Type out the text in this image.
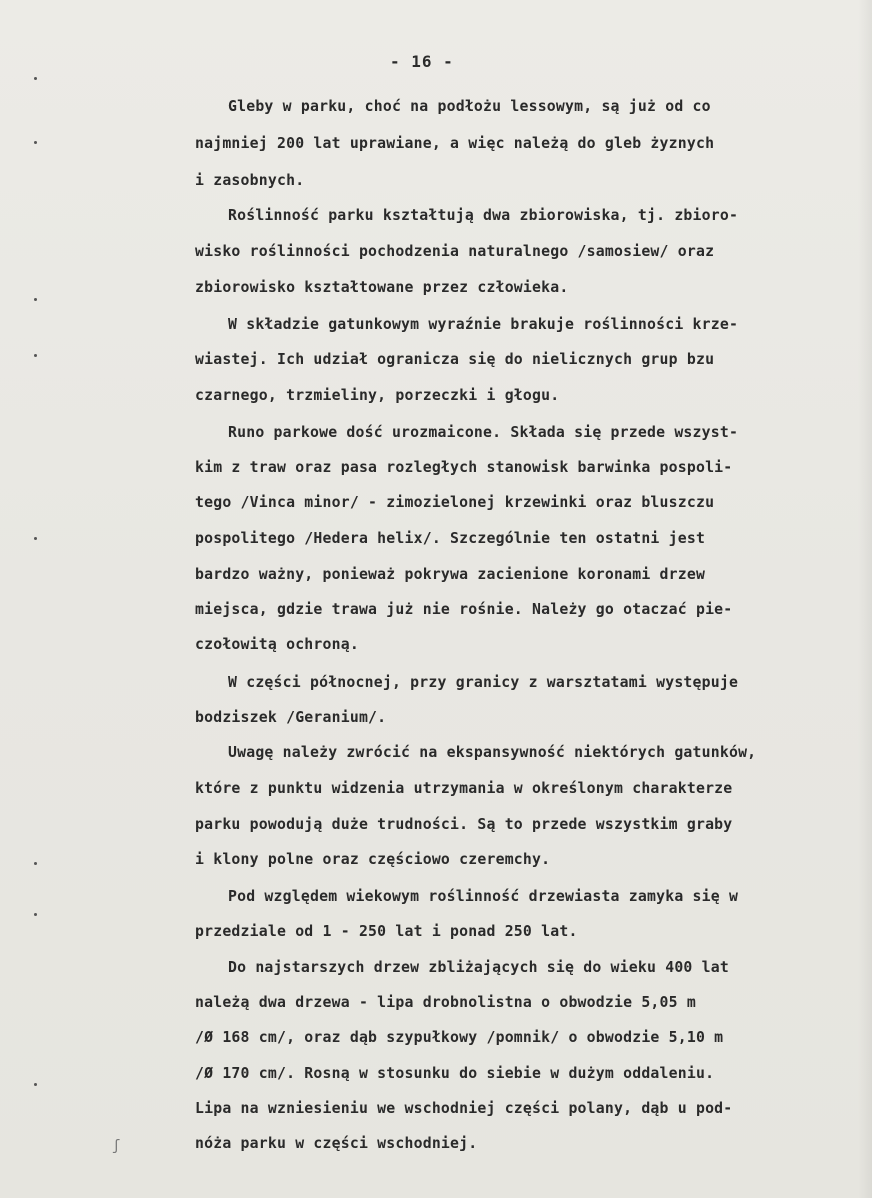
- 16 -
Gleby w parku, choć na podłożu lessowym, są już od co
najmniej 200 lat uprawiane, a więc należą do gleb żyznych
i zasobnych.
Roślinność parku kształtują dwa zbiorowiska, tj. zbioro-
wisko roślinności pochodzenia naturalnego /samosiew/ oraz
zbiorowisko kształtowane przez człowieka.
W składzie gatunkowym wyraźnie brakuje roślinności krze-
wiastej. Ich udział ogranicza się do nielicznych grup bzu
czarnego, trzmieliny, porzeczki i głogu.
Runo parkowe dość urozmaicone. Składa się przede wszyst-
kim z traw oraz pasa rozległych stanowisk barwinka pospoli-
tego /Vinca minor/ - zimozielonej krzewinki oraz bluszczu
pospolitego /Hedera helix/. Szczególnie ten ostatni jest
bardzo ważny, ponieważ pokrywa zacienione koronami drzew
miejsca, gdzie trawa już nie rośnie. Należy go otaczać pie-
czołowitą ochroną.
W części północnej, przy granicy z warsztatami występuje
bodziszek /Geranium/.
Uwagę należy zwrócić na ekspansywność niektórych gatunków,
które z punktu widzenia utrzymania w określonym charakterze
parku powodują duże trudności. Są to przede wszystkim graby
i klony polne oraz częściowo czeremchy.
Pod względem wiekowym roślinność drzewiasta zamyka się w
przedziale od 1 - 250 lat i ponad 250 lat.
Do najstarszych drzew zbliżających się do wieku 400 lat
należą dwa drzewa - lipa drobnolistna o obwodzie 5,05 m
/Ø 168 cm/, oraz dąb szypułkowy /pomnik/ o obwodzie 5,10 m
/Ø 170 cm/. Rosną w stosunku do siebie w dużym oddaleniu.
Lipa na wzniesieniu we wschodniej części polany, dąb u pod-
nóża parku w części wschodniej.
ʃ
